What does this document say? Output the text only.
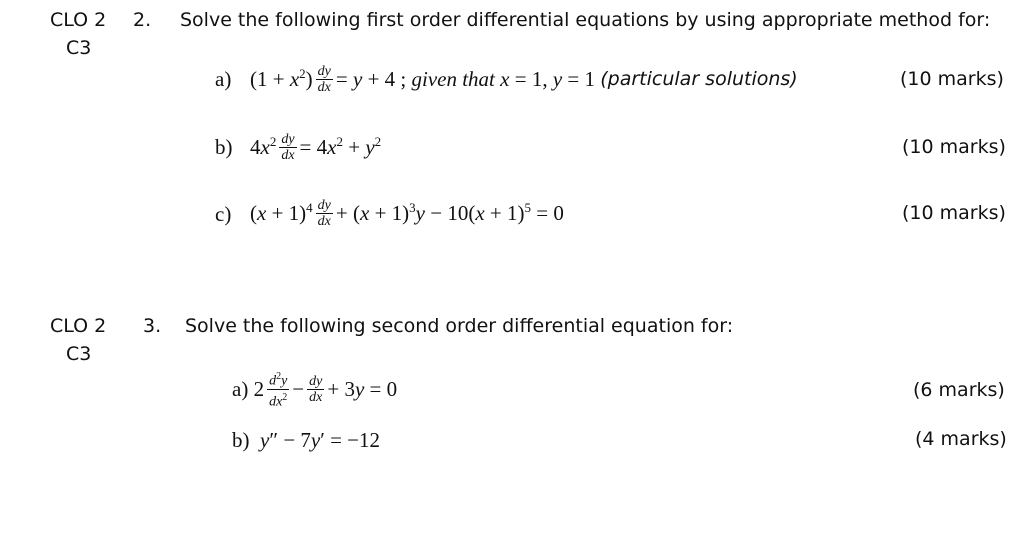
CLO 2
C3
2. Solve the following first order differential equations by using appropriate method for:
a) $(1 + x^2) \frac{dy}{dx} = y + 4$ ; given that x = 1, y = 1 (particular solutions)	(10 marks)
b) $4x^2 \frac{dy}{dx} = 4x^2 + y^2$	(10 marks)
c) $(x + 1)^4 \frac{dy}{dx} + (x + 1)^3y - 10(x + 1)^5 = 0$	(10 marks)
CLO 2
C3
3. Solve the following second order differential equation for:
a) $2 \frac{d^2y}{dx^2} - \frac{dy}{dx} + 3y = 0$	(6 marks)
b) y″ − 7y′ = −12	(4 marks)
